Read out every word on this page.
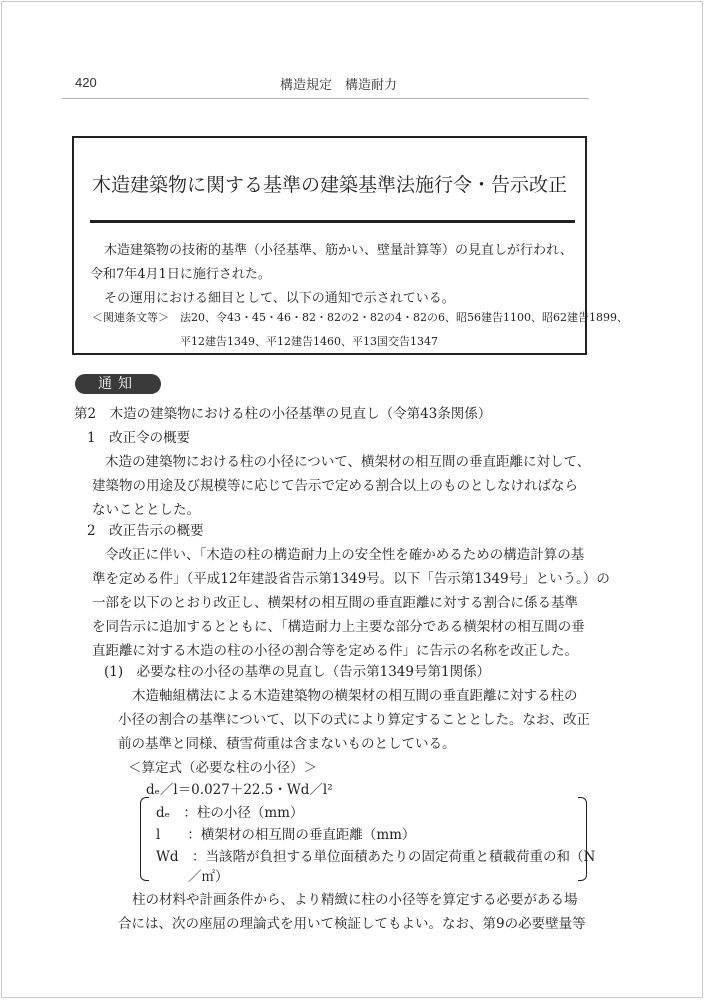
420	構造規定　構造耐力
木造建築物に関する基準の建築基準法施行令・告示改正
木造建築物の技術的基準（小径基準、筋かい、壁量計算等）の見直しが行われ、
令和7年4月1日に施行された。
その運用における細目として、以下の通知で示されている。
＜関連条文等＞ 法20、令43・45・46・82・82の2・82の4・82の6、昭56建告1100、昭62建告1899、
平12建告1349、平12建告1460、平13国交告1347
通知
第2　木造の建築物における柱の小径基準の見直し（令第43条関係）
1　改正令の概要
木造の建築物における柱の小径について、横架材の相互間の垂直距離に対して、
建築物の用途及び規模等に応じて告示で定める割合以上のものとしなければなら
ないこととした。
2　改正告示の概要
令改正に伴い、「木造の柱の構造耐力上の安全性を確かめるための構造計算の基
準を定める件」（平成12年建設省告示第1349号。以下「告示第1349号」という。）の
一部を以下のとおり改正し、横架材の相互間の垂直距離に対する割合に係る基準
を同告示に追加するとともに、「構造耐力上主要な部分である横架材の相互間の垂
直距離に対する木造の柱の小径の割合等を定める件」に告示の名称を改正した。
(1)　必要な柱の小径の基準の見直し（告示第1349号第1関係）
木造軸組構法による木造建築物の横架材の相互間の垂直距離に対する柱の
小径の割合の基準について、以下の式により算定することとした。なお、改正
前の基準と同様、積雪荷重は含まないものとしている。
＜算定式（必要な柱の小径）＞
dₑ／l＝0.027＋22.5・Wd／l²
dₑ　：柱の小径（mm）
l　　：横架材の相互間の垂直距離（mm）
Wd　：当該階が負担する単位面積あたりの固定荷重と積載荷重の和（N
／㎡）
柱の材料や計画条件から、より精緻に柱の小径等を算定する必要がある場
合には、次の座屈の理論式を用いて検証してもよい。なお、第9の必要壁量等
